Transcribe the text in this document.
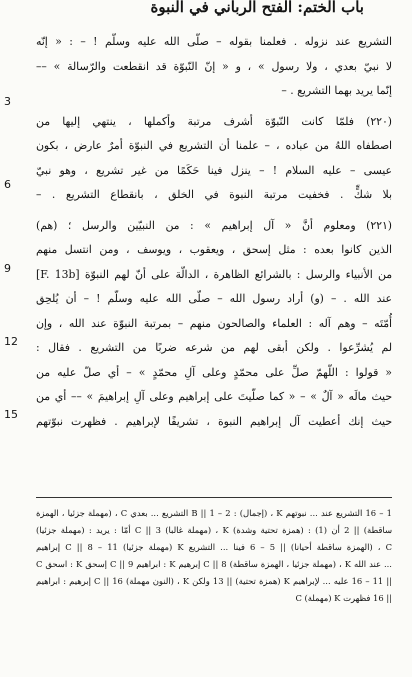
باب الختم: الفتح الرباني في النبوة
3
6
9
12
15
التشريع عند نزوله . فعلمنا بقوله – صلّى الله عليه وسلّم ! – : « إنّه
لا نبيّ بعدي ، ولا رسول » ، و « إنّ النّبوّة قد انقطعت والرّسالة » ––
إنّما يريد بهما التشريع . –
(٢٢٠) فلمّا كانت النّبوّة أشرف مرتبة وأكملها ، ينتهي إليها من
اصطفاه اللهُ من عباده ، – علمنا أن التشريع في النبوّة أمرٌ عارض ، بكون
عيسى – عليه السلام ! – ينزل فينا حَكَمًا من غير تشريع ، وهو نبيّ
بلا شكٍّ . فخفيت مرتبة النبوة في الخلق ، بانقطاع التشريع . –
(٢٢١) ومعلوم أنَّ « آل إبراهيم » : من النبيّين والرسل ؛ (هم)
الذين كانوا بعده : مثل إسحق ، ويعقوب ، ويوسف ، ومن انتسل منهم
من الأنبياء والرسل : بالشرائع الظاهرة ، الدالّة على أنّ لهم النبوّة [F. 13b]
عند الله . – (و) أراد رسول الله – صلّى الله عليه وسلّم ! – أن يُلحِق
أُمّتَه – وهم آله : العلماء والصالحون منهم – بمرتبة النبوّة عند الله ، وإن
لم يُشرِّعوا . ولكن أبقى لهم من شرعه ضربًا من التشريع . فقال :
« قولوا : اللّهمّ صلِّ على محمّدٍ وعلى آلِ محمّدٍ » – أي صلّ عليه من
حيث مالَه « آلٌ » – « كما صلّيتَ على إبراهيم وعلى آلِ إبراهيمَ » –– أي من
حيث إنك أعطيت آل إبراهيم النبوة ، تشريفًا لإبراهيم . فظهرت نبوّتهم
1 – 16 التشريع عند ... نبوتهم K ، (إجمال) : B || 1 – 2 التشريع ... بعدي C ، (مهملة جزئيا ، الهمزة
ساقطة) || 2 أن (1) : (همزة تحتية وشدة) K ، (مهملة غالبا) C || 3 أمّا : يريد : (مهملة جزئيا)
C ، (الهمزة ساقطة أحيانا) || 5 – 6 فينا ... التشريع K (مهملة جزئيا) C || 8 – 11 إبراهيم
... عند الله K ، (مهملة جزئيا ، الهمزة ساقطة) C || 8 إبرهيم K : ابراهيم C || 9 إسحق K : اسحق C
|| 11 – 16 عليه ... لإبراهيم K (همزة تحتية) || 13 ولكن K ، (النون مهملة) C || 16 إبرهيم : ابراهيم
|| 16 فظهرت K (مهملة) C
